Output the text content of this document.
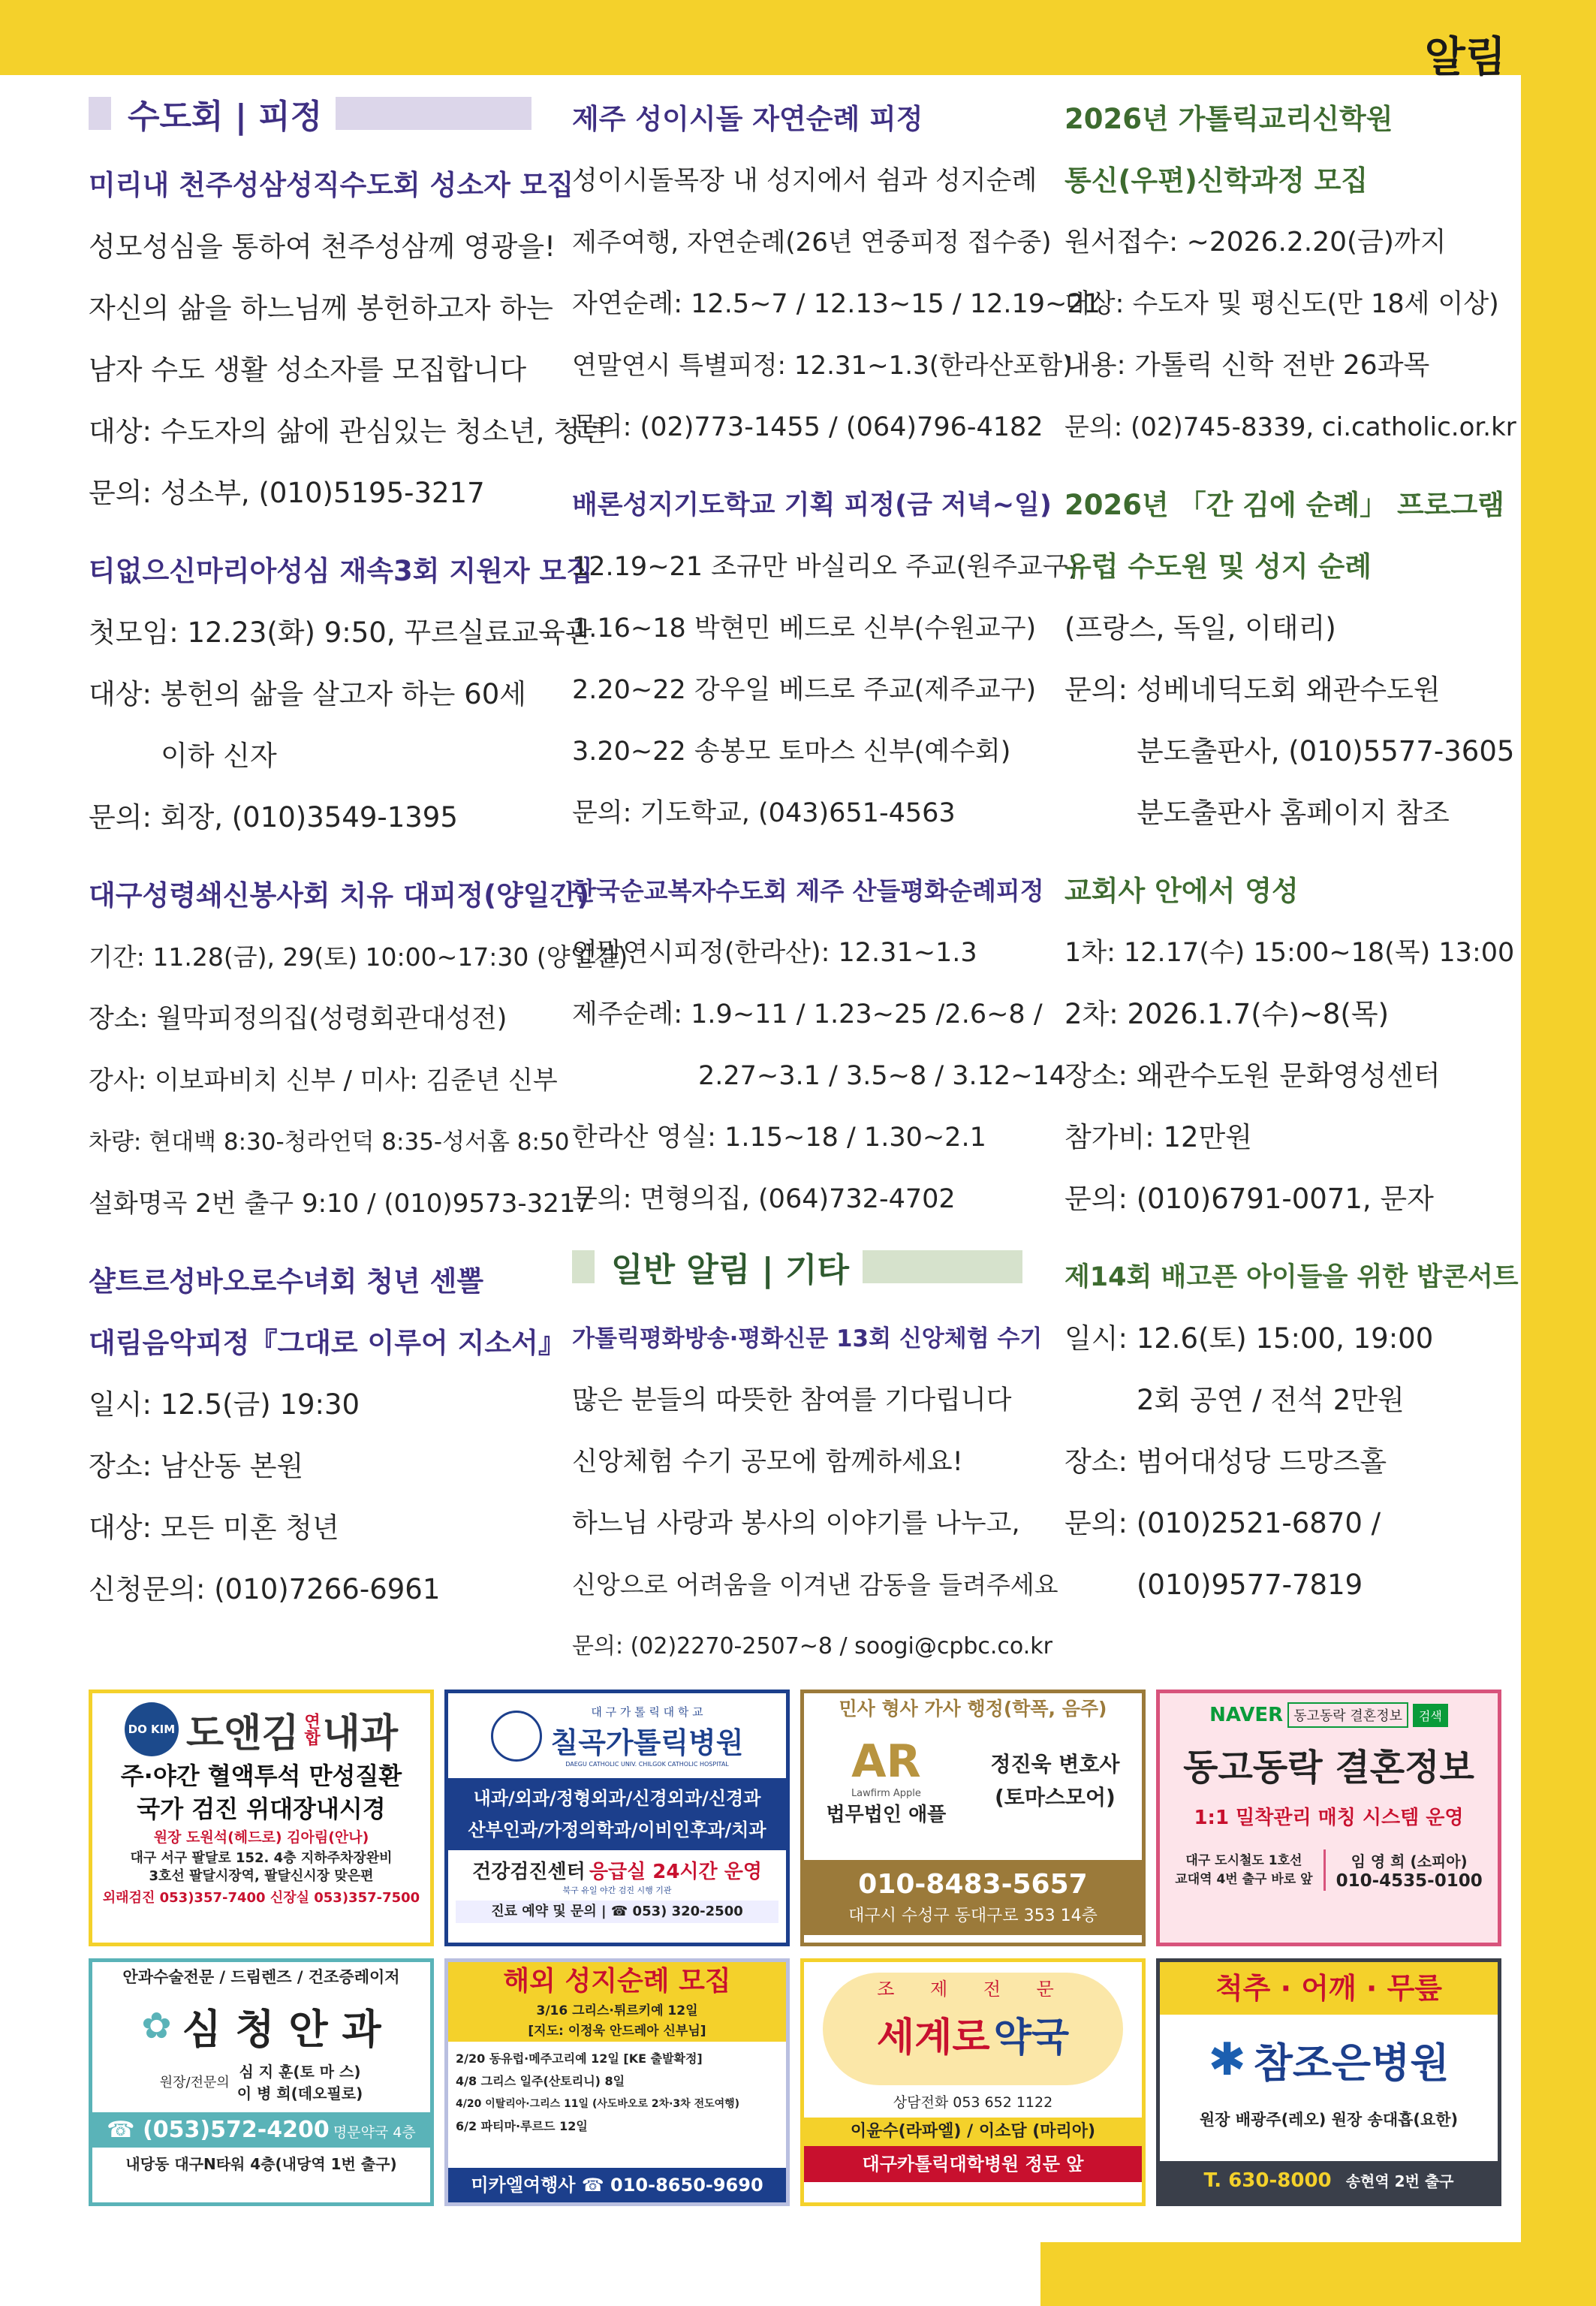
알림
수도회 | 피정
미리내 천주성삼성직수도회 성소자 모집
성모성심을 통하여 천주성삼께 영광을!
자신의 삶을 하느님께 봉헌하고자 하는
남자 수도 생활 성소자를 모집합니다
대상: 수도자의 삶에 관심있는 청소년, 청년
문의: 성소부, (010)5195-3217
티없으신마리아성심 재속3회 지원자 모집
첫모임: 12.23(화) 9:50, 꾸르실료교육관
대상: 봉헌의 삶을 살고자 하는 60세
이하 신자
문의: 회장, (010)3549-1395
대구성령쇄신봉사회 치유 대피정(양일간)
기간: 11.28(금), 29(토) 10:00~17:30 (양일간)
장소: 월막피정의집(성령회관대성전)
강사: 이보파비치 신부 / 미사: 김준년 신부
차량: 현대백 8:30-청라언덕 8:35-성서홈 8:50
설화명곡 2번 출구 9:10 / (010)9573-3217
샬트르성바오로수녀회 청년 센뽈
대림음악피정『그대로 이루어 지소서』
일시: 12.5(금) 19:30
장소: 남산동 본원
대상: 모든 미혼 청년
신청문의: (010)7266-6961
제주 성이시돌 자연순례 피정
성이시돌목장 내 성지에서 쉼과 성지순례
제주여행, 자연순례(26년 연중피정 접수중)
자연순례: 12.5~7 / 12.13~15 / 12.19~21
연말연시 특별피정: 12.31~1.3(한라산포함)
문의: (02)773-1455 / (064)796-4182
배론성지기도학교 기획 피정(금 저녁~일)
12.19~21 조규만 바실리오 주교(원주교구)
1.16~18 박현민 베드로 신부(수원교구)
2.20~22 강우일 베드로 주교(제주교구)
3.20~22 송봉모 토마스 신부(예수회)
문의: 기도학교, (043)651-4563
한국순교복자수도회 제주 산들평화순례피정
연말연시피정(한라산): 12.31~1.3
제주순례: 1.9~11 / 1.23~25 /2.6~8 /
2.27~3.1 / 3.5~8 / 3.12~14
한라산 영실: 1.15~18 / 1.30~2.1
문의: 면형의집, (064)732-4702
일반 알림 | 기타
가톨릭평화방송·평화신문 13회 신앙체험 수기
많은 분들의 따뜻한 참여를 기다립니다
신앙체험 수기 공모에 함께하세요!
하느님 사랑과 봉사의 이야기를 나누고,
신앙으로 어려움을 이겨낸 감동을 들려주세요
문의: (02)2270-2507~8 / soogi@cpbc.co.kr
2026년 가톨릭교리신학원
통신(우편)신학과정 모집
원서접수: ~2026.2.20(금)까지
대상: 수도자 및 평신도(만 18세 이상)
내용: 가톨릭 신학 전반 26과목
문의: (02)745-8339, ci.catholic.or.kr
2026년 「간 김에 순례」 프로그램
유럽 수도원 및 성지 순례
(프랑스, 독일, 이태리)
문의: 성베네딕도회 왜관수도원
분도출판사, (010)5577-3605
분도출판사 홈페이지 참조
교회사 안에서 영성
1차: 12.17(수) 15:00~18(목) 13:00
2차: 2026.1.7(수)~8(목)
장소: 왜관수도원 문화영성센터
참가비: 12만원
문의: (010)6791-0071, 문자
제14회 배고픈 아이들을 위한 밥콘서트
일시: 12.6(토) 15:00, 19:00
2회 공연 / 전석 2만원
장소: 범어대성당 드망즈홀
문의: (010)2521-6870 /
(010)9577-7819
DO KIM 도앤김 연합 내과
주·야간 혈액투석 만성질환
국가 검진 위대장내시경
원장 도원석(헤드로) 김아림(안나)
대구 서구 팔달로 152. 4층 지하주차장완비
3호선 팔달시장역, 팔달신시장 맞은편
외래검진 053)357-7400 신장실 053)357-7500
대 구 가 톨 릭 대 학 교
칠곡가톨릭병원
DAEGU CATHOLIC UNIV. CHILGOK CATHOLIC HOSPITAL
내과/외과/정형외과/신경외과/신경과
산부인과/가정의학과/이비인후과/치과
건강검진센터 응급실 24시간 운영
북구 유일 야간 검진 시행 기관
진료 예약 및 문의 | ☎ 053) 320-2500
민사 형사 가사 행정(학폭, 음주)
AR
Lawfirm Apple
법무법인 애플
정진욱 변호사
(토마스모어)
010-8483-5657
대구시 수성구 동대구로 353 14층
NAVER 동고동락 결혼정보	검색
동고동락 결혼정보
1:1 밀착관리 매칭 시스템 운영
대구 도시철도 1호선
교대역 4번 출구 바로 앞
임 영 희 (소피아)
010-4535-0100
안과수술전문 / 드림렌즈 / 건조증레이저
✿ 심 청 안 과
원장/전문의
심 지 훈(토 마 스)
이 병 희(데오필로)
☎ (053)572-4200 명문약국 4층
내당동 대구N타워 4층(내당역 1번 출구)
해외 성지순례 모집
3/16 그리스·튀르키예 12일
[지도: 이정욱 안드레아 신부님]
2/20 동유럽·메주고리예 12일 [KE 출발확정]
4/8 그리스 일주(산토리니) 8일
4/20 이탈리아·그리스 11일 (사도바오로 2차·3차 전도여행)
6/2 파티마·루르드 12일
미카엘여행사 ☎ 010-8650-9690
조 제 전 문
세계로 약국
상담전화 053 652 1122
이윤수(라파엘) / 이소담 (마리아)
대구카톨릭대학병원 정문 앞
척추 · 어깨 · 무릎
✱ 참조은병원
원장 배광주(레오) 원장 송대흡(요한)
T. 630-8000 송현역 2번 출구
